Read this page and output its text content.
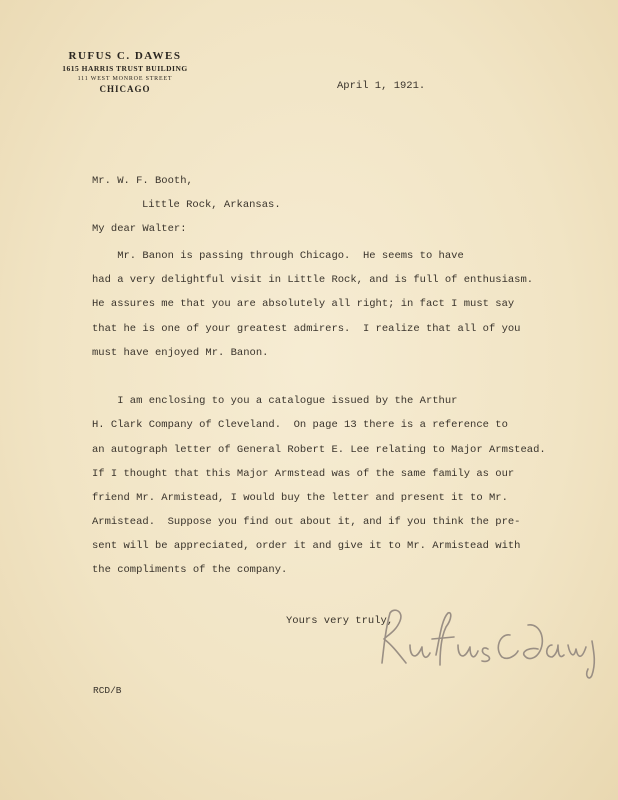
RUFUS C. DAWES
1615 HARRIS TRUST BUILDING
111 WEST MONROE STREET
CHICAGO	April 1, 1921.
Mr. W. F. Booth,
Little Rock, Arkansas.
My dear Walter:
Mr. Banon is passing through Chicago.  He seems to have
had a very delightful visit in Little Rock, and is full of enthusiasm.
He assures me that you are absolutely all right; in fact I must say
that he is one of your greatest admirers.  I realize that all of you
must have enjoyed Mr. Banon.
I am enclosing to you a catalogue issued by the Arthur
H. Clark Company of Cleveland.  On page 13 there is a reference to
an autograph letter of General Robert E. Lee relating to Major Armstead.
If I thought that this Major Armstead was of the same family as our
friend Mr. Armistead, I would buy the letter and present it to Mr.
Armistead.  Suppose you find out about it, and if you think the pre-
sent will be appreciated, order it and give it to Mr. Armistead with
the compliments of the company.
Yours very truly,
RCD/B
